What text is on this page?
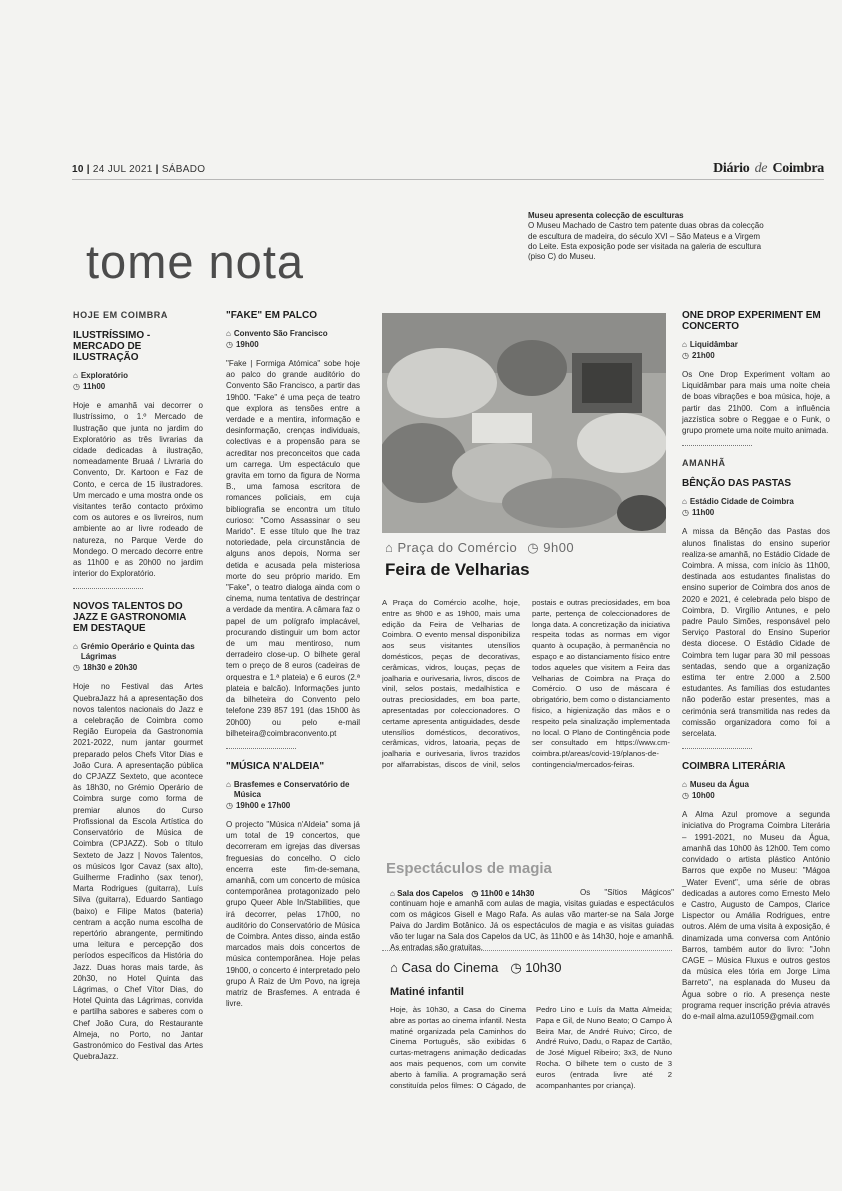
10 | 24 JUL 2021 | SÁBADO	Diário de Coimbra
tome nota
Museu apresenta colecção de esculturas
O Museu Machado de Castro tem patente duas obras da colecção de escultura de madeira, do século XVI – São Mateus e a Virgem do Leite. Esta exposição pode ser visitada na galeria de escultura (piso C) do Museu.
HOJE EM COIMBRA
ILUSTRÍSSIMO - MERCADO DE ILUSTRAÇÃO
⌂ Exploratório
◷ 11h00

Hoje e amanhã vai decorrer o Ilustríssimo, o 1.º Mercado de Ilustração que junta no jardim do Exploratório as três livrarias da cidade dedicadas à ilustração, nomeadamente Bruaá / Livraria do Convento, Dr. Kartoon e Faz de Conto, e cerca de 15 ilustradores. Um mercado e uma mostra onde os visitantes terão contacto próximo com os autores e os livreiros, num ambiente ao ar livre rodeado de natureza, no Parque Verde do Mondego. O mercado decorre entre as 11h00 e as 20h00 no jardim interior do Exploratório.

NOVOS TALENTOS DO JAZZ E GASTRONOMIA EM DESTAQUE
⌂ Grémio Operário e Quinta das Lágrimas
◷ 18h30 e 20h30

Hoje no Festival das Artes QuebraJazz há a apresentação dos novos talentos nacionais do Jazz e a celebração de Coimbra como Região Europeia da Gastronomia 2021-2022, num jantar gourmet preparado pelos Chefs Vitor Dias e João Cura. A apresentação pública do CPJAZZ Sexteto, que acontece às 18h30, no Grémio Operário de Coimbra surge como forma de premiar alunos do Curso Profissional da Escola Artística do Conservatório de Música de Coimbra (CPJAZZ). Sob o título Sexteto de Jazz | Novos Talentos, os músicos Igor Cavaz (sax alto), Guilherme Fradinho (sax tenor), Marta Rodrigues (guitarra), Luís Silva (guitarra), Eduardo Santiago (baixo) e Filipe Matos (bateria) centram a acção numa escolha de repertório abrangente, permitindo uma leitura e percepção dos períodos específicos da História do Jazz. Duas horas mais tarde, às 20h30, no Hotel Quinta das Lágrimas, o Chef Vítor Dias, do Hotel Quinta das Lágrimas, convida e partilha sabores e saberes com o Chef João Cura, do Restaurante Almeja, no Porto, no Jantar Gastronómico do Festival das Artes QuebraJazz.

"FAKE" EM PALCO
⌂ Convento São Francisco
◷ 19h00

"Fake | Formiga Atómica" sobe hoje ao palco do grande auditório do Convento São Francisco, a partir das 19h00. "Fake" é uma peça de teatro que explora as tensões entre a verdade e a mentira, informação e desinformação, crenças individuais, colectivas e a propensão para se acreditar nos preconceitos que cada um carrega. Um espectáculo que gravita em torno da figura de Norma B., uma famosa escritora de romances policiais, em cuja bibliografia se encontra um título curioso: "Como Assassinar o seu Marido". E esse título que lhe traz notoriedade, pela circunstância de alguns anos depois, Norma ser detida e acusada pela misteriosa morte do seu próprio marido. Em "Fake", o teatro dialoga ainda com o cinema, numa tentativa de destrinçar a verdade da mentira. A câmara faz o papel de um polígrafo implacável, procurando distinguir um bom actor de um mau mentiroso, num derradeiro close-up. O bilhete geral tem o preço de 8 euros (cadeiras de orquestra e 1.ª plateia) e 6 euros (2.ª plateia e balcão). Informações junto da bilheteira do Convento pelo telefone 239 857 191 (das 15h00 às 20h00) ou pelo e-mail bilheteira@coimbraconvento.pt

"MÚSICA N'ALDEIA"
⌂ Brasfemes e Conservatório de Música
◷ 19h00 e 17h00

O projecto "Música n'Aldeia" soma já um total de 19 concertos, que decorreram em igrejas das diversas freguesias do concelho. O ciclo encerra este fim-de-semana, amanhã, com um concerto de música contemporânea protagonizado pelo grupo Queer Able In/Stabilities, que irá decorrer, pelas 17h00, no auditório do Conservatório de Música de Coimbra. Antes disso, ainda estão marcados mais dois concertos de música contemporânea. Hoje pelas 19h00, o concerto é interpretado pelo grupo À Raiz de Um Povo, na igreja matriz de Brasfemes. A entrada é livre.

⌂ Praça do Comércio ◷ 9h00
Feira de Velharias

A Praça do Comércio acolhe, hoje, entre as 9h00 e as 19h00, mais uma edição da Feira de Velharias de Coimbra. O evento mensal disponibiliza aos seus visitantes utensílios domésticos, peças de decorativas, cerâmicas, vidros, louças, peças de joalharia e ourivesaria, livros, discos de vinil, selos postais, medalhística e outras preciosidades, em boa parte, apresentadas por coleccionadores. O certame apresenta antiguidades, desde utensílios domésticos, decorativos, cerâmicas, vidros, latoaria, peças de joalharia e ourivesaria, livros trazidos por alfarrabistas, discos de vinil, selos postais e outras preciosidades, em boa parte, pertença de coleccionadores de longa data. A concretização da iniciativa respeita todas as normas em vigor quanto à ocupação, à permanência no espaço e ao distanciamento físico entre todos aqueles que visitem a Feira das Velharias de Coimbra na Praça do Comércio. O uso de máscara é obrigatório, bem como o distanciamento físico, a higienização das mãos e o respeito pela sinalização implementada no local. O Plano de Contingência pode ser consultado em https://www.cm-coimbra.pt/areas/covid-19/planos-de-contingencia/mercados-feiras.

Espectáculos de magia
⌂ Sala dos Capelos ◷ 11h00 e 14h30	Os "Sítios Mágicos" continuam hoje e amanhã com aulas de magia, visitas guiadas e espectáculos com os mágicos Gisell e Mago Rafa. As aulas vão marter-se na Sala Jorge Paiva do Jardim Botânico. Já os espectáculos de magia e as visitas guiadas vão ter lugar na Sala dos Capelos da UC, às 11h00 e às 14h30, hoje e amanhã. As entradas são gratuitas.
⌂ Casa do Cinema ◷ 10h30
Matiné infantil

Hoje, às 10h30, a Casa do Cinema abre as portas ao cinema infantil. Nesta matiné organizada pela Caminhos do Cinema Português, são exibidas 6 curtas-metragens animação dedicadas aos mais pequenos, com um convite aberto à família. A programação será constituída pelos filmes: O Cágado, de Pedro Lino e Luís da Matta Almeida; Papa e Gil, de Nuno Beato; O Campo À Beira Mar, de André Ruivo; Circo, de André Ruivo, Dadu, o Rapaz de Cartão, de José Miguel Ribeiro; 3x3, de Nuno Rocha. O bilhete tem o custo de 3 euros (entrada livre até 2 acompanhantes por criança).

ONE DROP EXPERIMENT EM CONCERTO
⌂ Liquidâmbar
◷ 21h00

Os One Drop Experiment voltam ao Liquidâmbar para mais uma noite cheia de boas vibrações e boa música, hoje, a partir das 21h00. Com a influência jazzística sobre o Reggae e o Funk, o grupo promete uma noite muito animada.

AMANHÃ
BÊNÇÃO DAS PASTAS
⌂ Estádio Cidade de Coimbra
◷ 11h00

A missa da Bênção das Pastas dos alunos finalistas do ensino superior realiza-se amanhã, no Estádio Cidade de Coimbra. A missa, com início às 11h00, destinada aos estudantes finalistas do ensino superior de Coimbra dos anos de 2020 e 2021, é celebrada pelo bispo de Coimbra, D. Virgílio Antunes, e pelo padre Paulo Simões, responsável pelo Serviço Pastoral do Ensino Superior desta diocese. O Estádio Cidade de Coimbra tem lugar para 30 mil pessoas sentadas, sendo que a organização estima ter entre 2.000 a 2.500 estudantes. As famílias dos estudantes não poderão estar presentes, mas a cerimónia será transmitida nas redes da comissão organizadora como foi a sercelata.

COIMBRA LITERÁRIA
⌂ Museu da Água
◷ 10h00

A Alma Azul promove a segunda iniciativa do Programa Coimbra Literária – 1991-2021, no Museu da Água, amanhã das 10h00 às 12h00. Tem como convidado o artista plástico António Barros que expõe no Museu: "Mágoa _Water Event", uma série de obras dedicadas a autores como Ernesto Melo e Castro, Augusto de Campos, Clarice Lispector ou Amália Rodrigues, entre outros. Além de uma visita à exposição, é dinamizada uma conversa com António Barros, também autor do livro: "John CAGE – Música Fluxus e outros gestos da música eles tória em Jorge Lima Barreto", na esplanada do Museu da Água sobre o rio. A presença neste programa requer inscrição prévia através do e-mail alma.azul1059@gmail.com
